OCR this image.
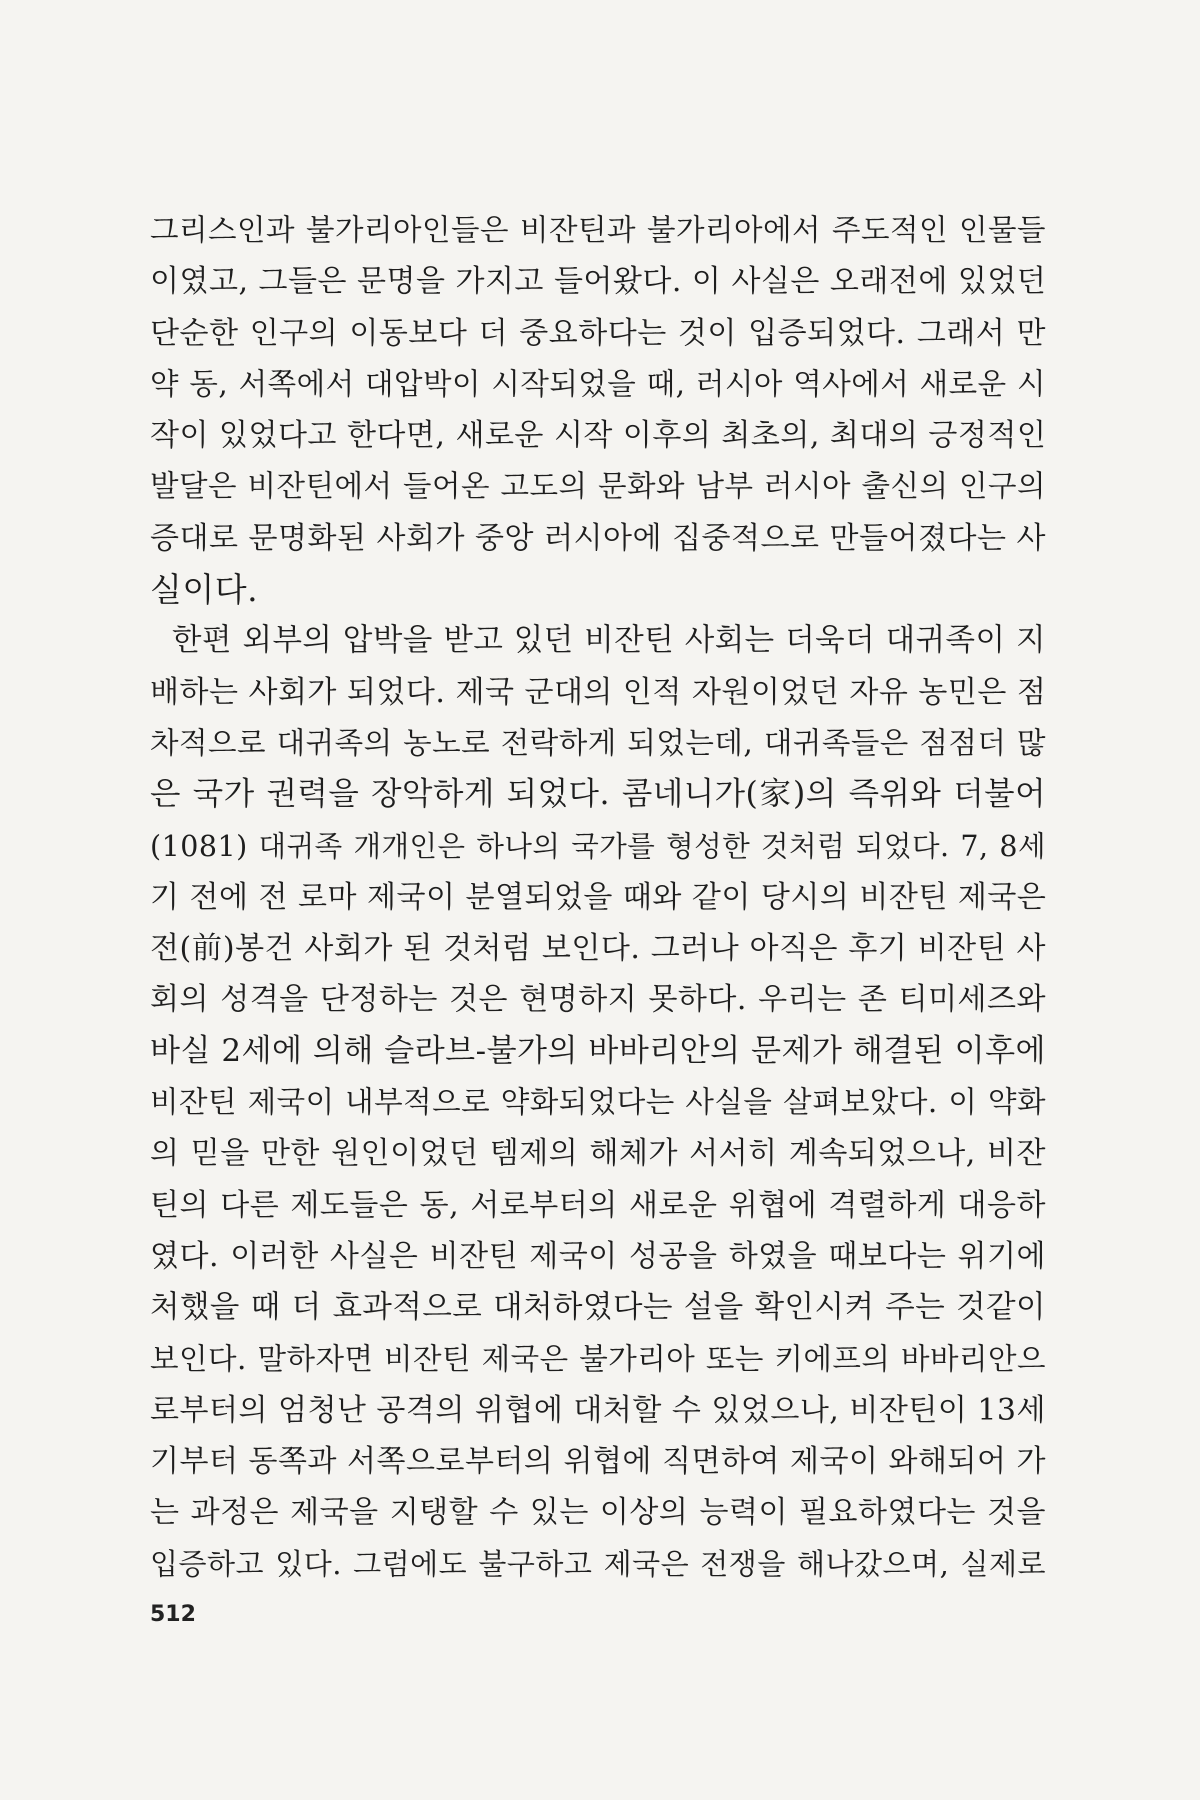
그리스인과 불가리아인들은 비잔틴과 불가리아에서 주도적인 인물들
이였고, 그들은 문명을 가지고 들어왔다. 이 사실은 오래전에 있었던
단순한 인구의 이동보다 더 중요하다는 것이 입증되었다. 그래서 만
약 동, 서쪽에서 대압박이 시작되었을 때, 러시아 역사에서 새로운 시
작이 있었다고 한다면, 새로운 시작 이후의 최초의, 최대의 긍정적인
발달은 비잔틴에서 들어온 고도의 문화와 남부 러시아 출신의 인구의
증대로 문명화된 사회가 중앙 러시아에 집중적으로 만들어졌다는 사
실이다.
한편 외부의 압박을 받고 있던 비잔틴 사회는 더욱더 대귀족이 지
배하는 사회가 되었다. 제국 군대의 인적 자원이었던 자유 농민은 점
차적으로 대귀족의 농노로 전락하게 되었는데, 대귀족들은 점점더 많
은 국가 권력을 장악하게 되었다. 콤네니가(家)의 즉위와 더불어
(1081) 대귀족 개개인은 하나의 국가를 형성한 것처럼 되었다. 7, 8세
기 전에 전 로마 제국이 분열되었을 때와 같이 당시의 비잔틴 제국은
전(前)봉건 사회가 된 것처럼 보인다. 그러나 아직은 후기 비잔틴 사
회의 성격을 단정하는 것은 현명하지 못하다. 우리는 존 티미세즈와
바실 2세에 의해 슬라브-불가의 바바리안의 문제가 해결된 이후에
비잔틴 제국이 내부적으로 약화되었다는 사실을 살펴보았다. 이 약화
의 믿을 만한 원인이었던 템제의 해체가 서서히 계속되었으나, 비잔
틴의 다른 제도들은 동, 서로부터의 새로운 위협에 격렬하게 대응하
였다. 이러한 사실은 비잔틴 제국이 성공을 하였을 때보다는 위기에
처했을 때 더 효과적으로 대처하였다는 설을 확인시켜 주는 것같이
보인다. 말하자면 비잔틴 제국은 불가리아 또는 키에프의 바바리안으
로부터의 엄청난 공격의 위협에 대처할 수 있었으나, 비잔틴이 13세
기부터 동쪽과 서쪽으로부터의 위협에 직면하여 제국이 와해되어 가
는 과정은 제국을 지탱할 수 있는 이상의 능력이 필요하였다는 것을
입증하고 있다. 그럼에도 불구하고 제국은 전쟁을 해나갔으며, 실제로
512
